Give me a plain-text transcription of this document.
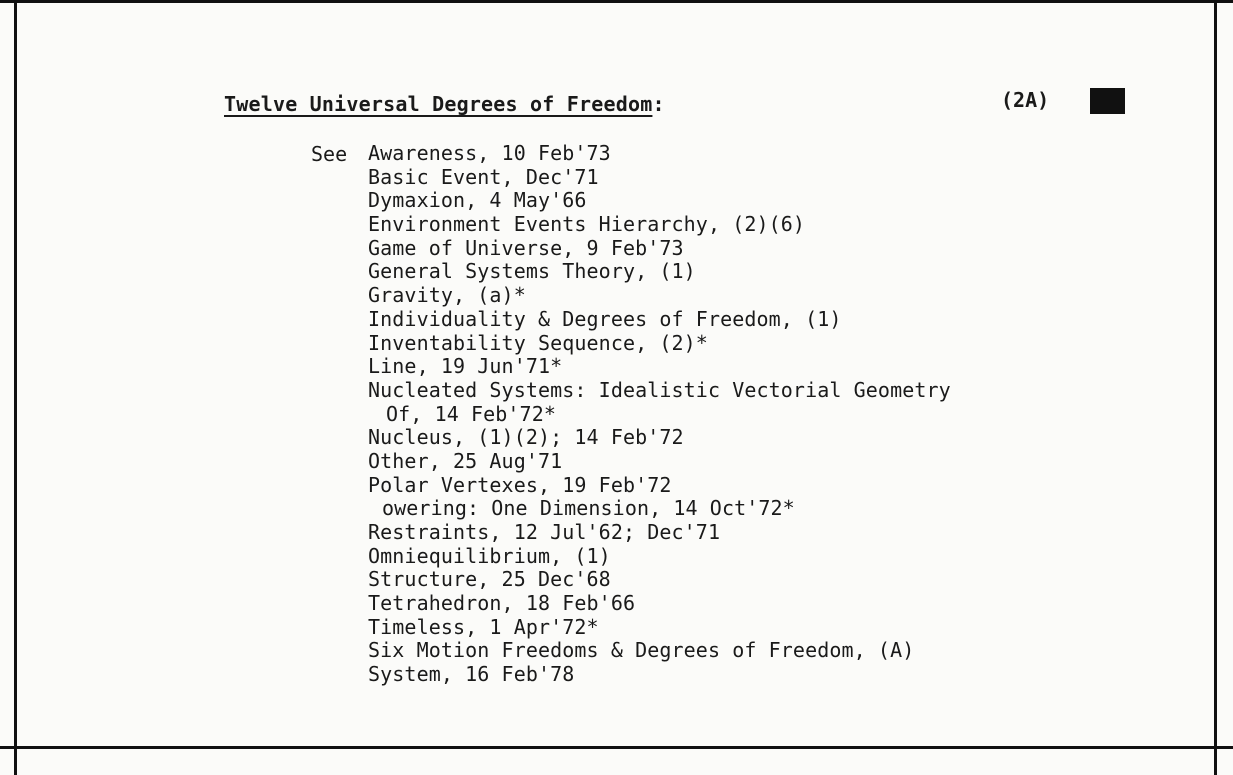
Twelve Universal Degrees of Freedom:	(2A)
See Awareness, 10 Feb'73
Basic Event, Dec'71
Dymaxion, 4 May'66
Environment Events Hierarchy, (2)(6)
Game of Universe, 9 Feb'73
General Systems Theory, (1)
Gravity, (a)*
Individuality & Degrees of Freedom, (1)
Inventability Sequence, (2)*
Line, 19 Jun'71*
Nucleated Systems: Idealistic Vectorial Geometry
Of, 14 Feb'72*
Nucleus, (1)(2); 14 Feb'72
Other, 25 Aug'71
Polar Vertexes, 19 Feb'72
owering: One Dimension, 14 Oct'72*
Restraints, 12 Jul'62; Dec'71
Omniequilibrium, (1)
Structure, 25 Dec'68
Tetrahedron, 18 Feb'66
Timeless, 1 Apr'72*
Six Motion Freedoms & Degrees of Freedom, (A)
System, 16 Feb'78
